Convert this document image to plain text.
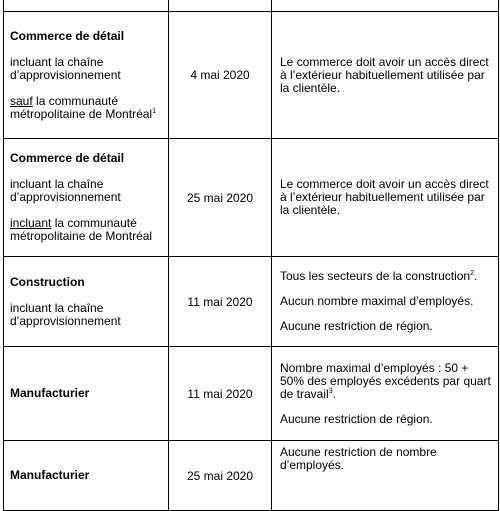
Commerce de détail
incluant la chaîne d’approvisionnement
sauf la communauté métropolitaine de Montréal$^1$	4 mai 2020	Le commerce doit avoir un accès direct à l’extérieur habituellement utilisée par la clientèle.

Commerce de détail
incluant la chaîne d’approvisionnement
incluant la communauté métropolitaine de Montréal	25 mai 2020	Le commerce doit avoir un accès direct à l’extérieur habituellement utilisée par la clientèle.

Construction
incluant la chaîne d’approvisionnement	11 mai 2020	Tous les secteurs de la construction$^2$.
Aucun nombre maximal d’employés.
Aucune restriction de région.

Manufacturier	11 mai 2020	Nombre maximal d’employés : 50 + 50% des employés excédents par quart de travail$^3$.
Aucune restriction de région.

Manufacturier	25 mai 2020	Aucune restriction de nombre d’employés.
